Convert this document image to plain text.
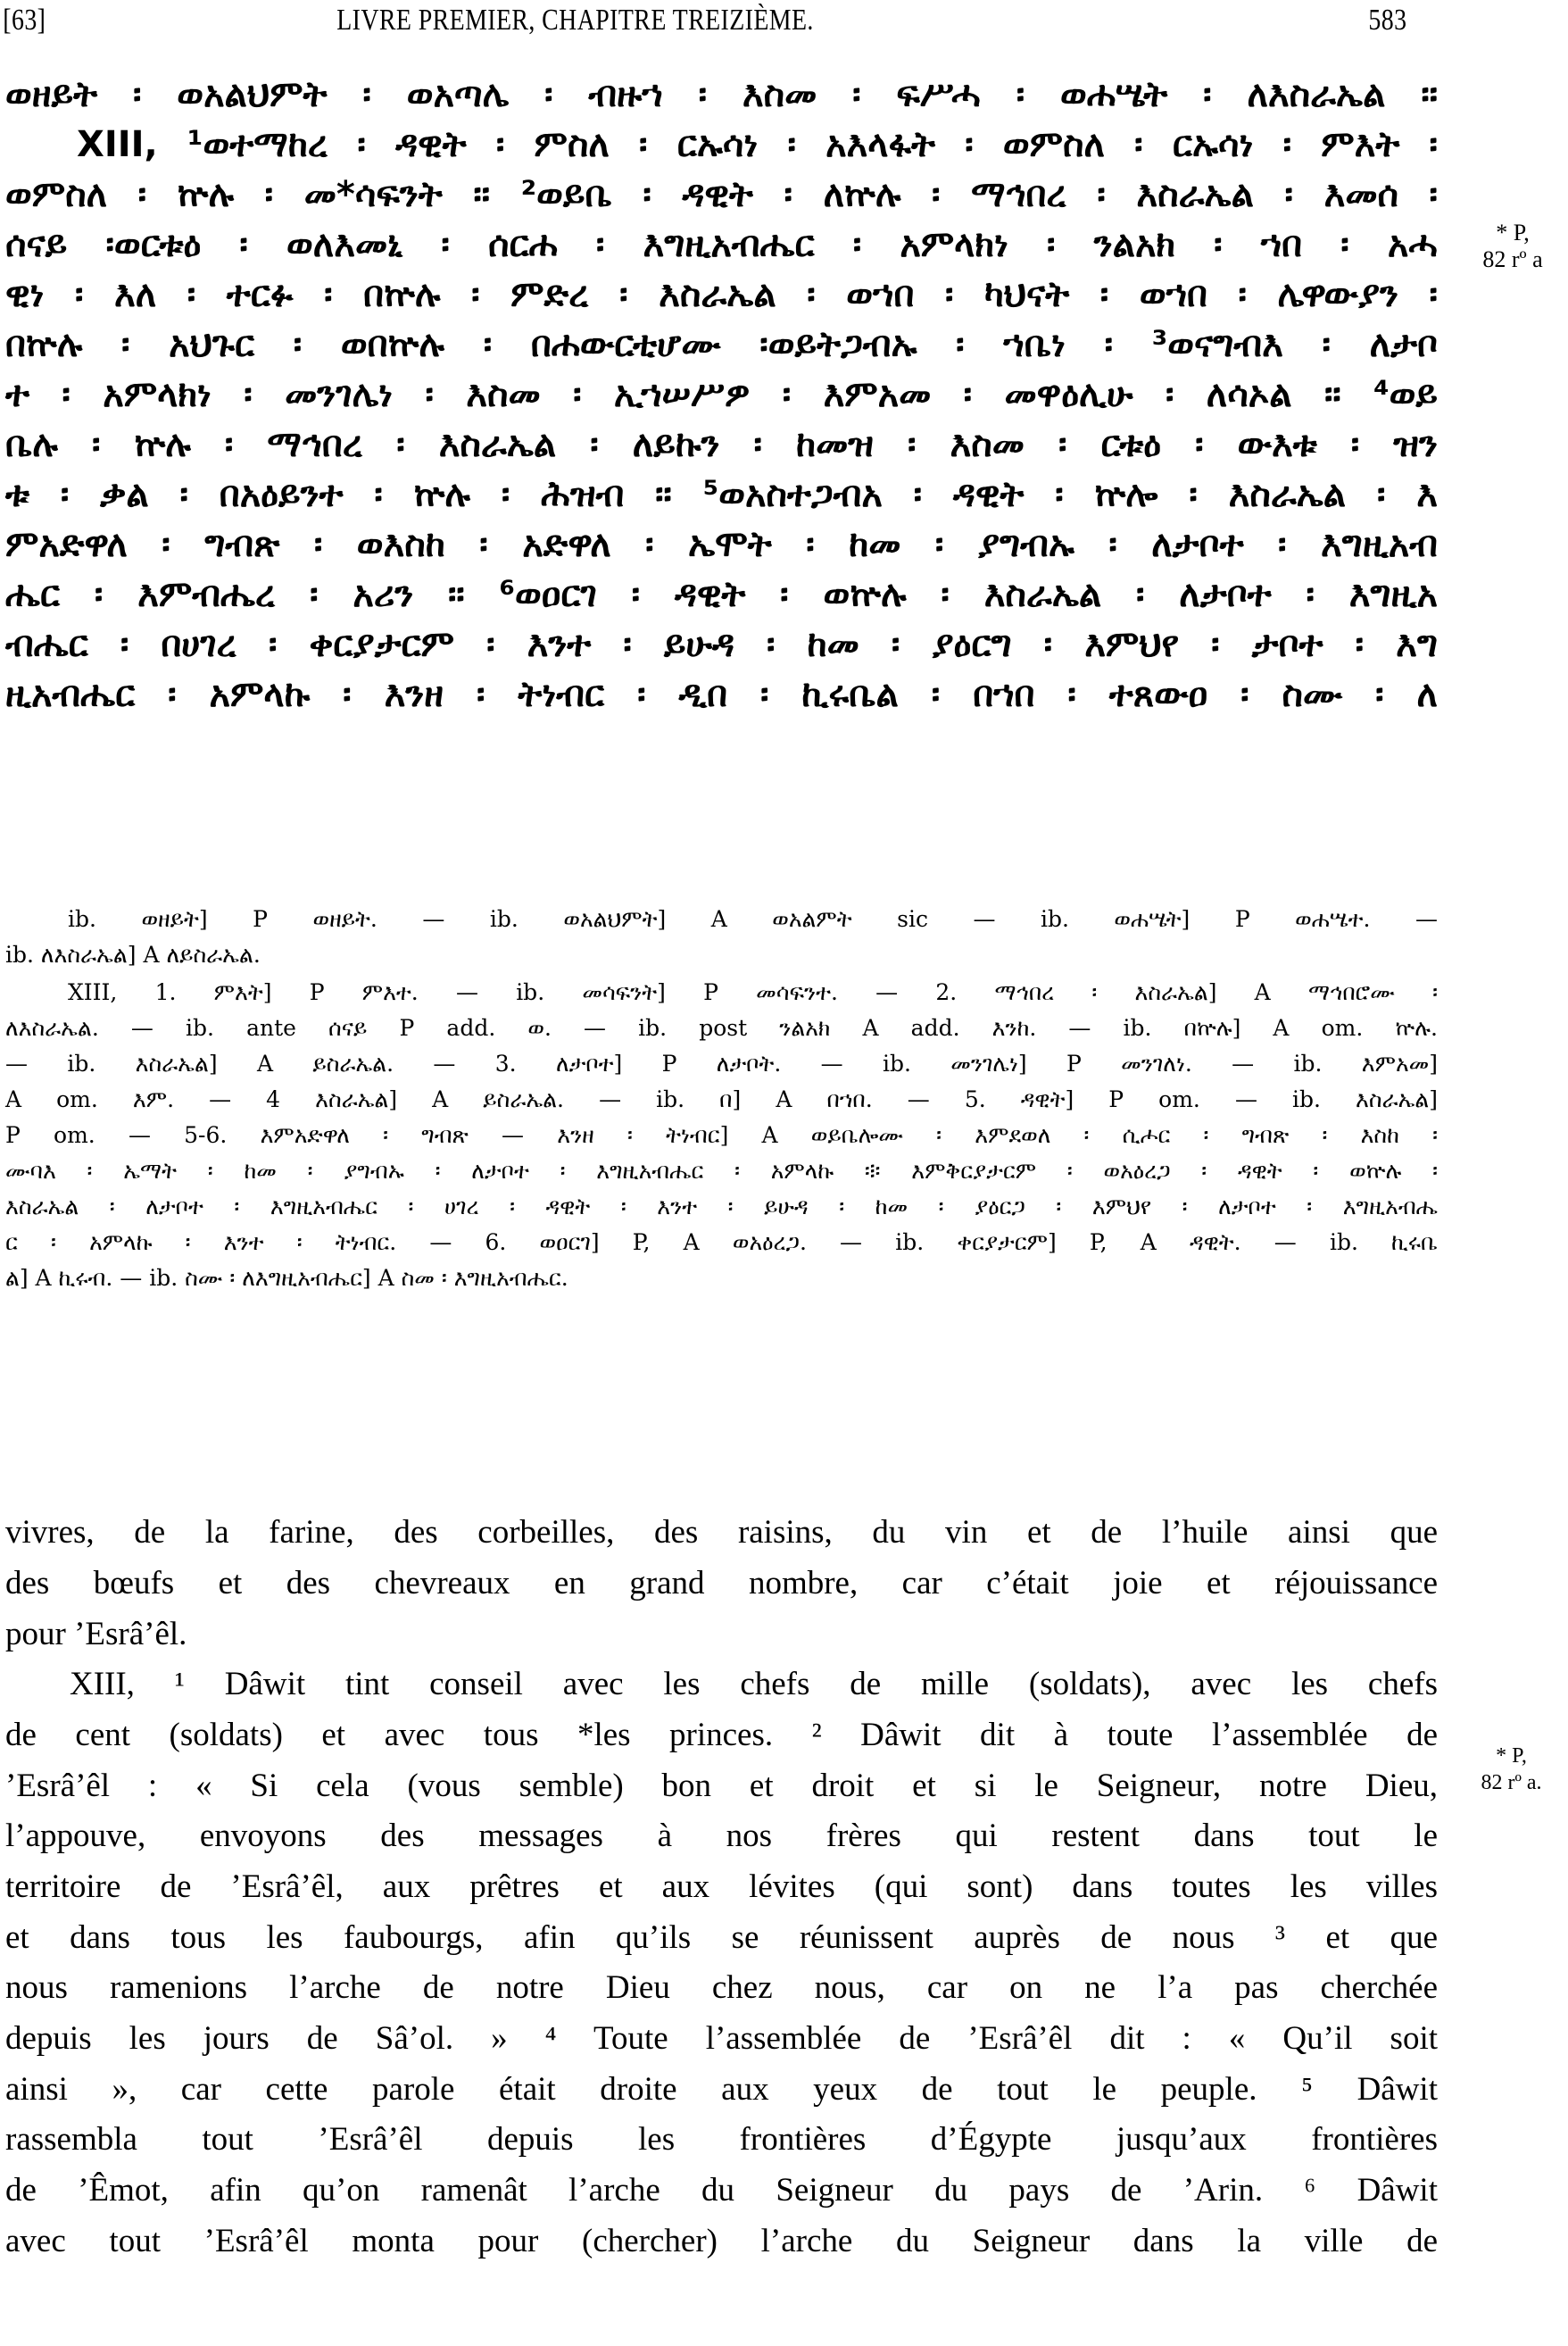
[63]	LIVRE PREMIER, CHAPITRE TREIZIÈME.	583
ወዘይት ፡ ወአልህምት ፡ ወአጣሌ ፡ ብዙኀ ፡ እስመ ፡ ፍሥሓ ፡ ወሐሤት ፡ ለእስራኤል ።
XIII, ¹ወተማከረ ፡ ዳዊት ፡ ምስለ ፡ ርኡሳነ ፡ አእላፋት ፡ ወምስለ ፡ ርኡሳነ ፡ ምእት ፡
ወምስለ ፡ ኵሉ ፡ መ*ሳፍንት ። ²ወይቤ ፡ ዳዊት ፡ ለኵሉ ፡ ማኅበረ ፡ እስራኤል ፡ እመሰ ፡
ሰናይ ፡ወርቱዕ ፡ ወለእመኒ ፡ ሰርሐ ፡ እግዚአብሔር ፡ አምላክነ ፡ ንልአክ ፡ ኀበ ፡ አሓ
ዊነ ፡ እለ ፡ ተርፉ ፡ በኵሉ ፡ ምድረ ፡ እስራኤል ፡ ወኀበ ፡ ካህናት ፡ ወኀበ ፡ ሌዋውያን ፡
በኵሉ ፡ አህጉር ፡ ወበኵሉ ፡ በሐውርቲሆሙ ፡ወይትጋብኡ ፡ ኀቤነ ፡ ³ወናግብእ ፡ ለታቦ
ተ ፡ አምላክነ ፡ መንገሌነ ፡ እስመ ፡ ኢኀሠሥዎ ፡ እምአመ ፡ መዋዕሊሁ ፡ ለሳኦል ። ⁴ወይ
ቤሉ ፡ ኵሉ ፡ ማኅበረ ፡ እስራኤል ፡ ለይኩን ፡ ከመዝ ፡ እስመ ፡ ርቱዕ ፡ ውእቱ ፡ ዝን
ቱ ፡ ቃል ፡ በአዕይንተ ፡ ኵሉ ፡ ሕዝብ ። ⁵ወአስተጋብአ ፡ ዳዊት ፡ ኵሎ ፡ እስራኤል ፡ እ
ምአድዋለ ፡ ግብጽ ፡ ወእስከ ፡ አድዋለ ፡ ኤሞት ፡ ከመ ፡ ያግብኡ ፡ ለታቦተ ፡ እግዚአብ
ሔር ፡ እምብሔረ ፡ አሪን ። ⁶ወዐርገ ፡ ዳዊት ፡ ወኵሉ ፡ እስራኤል ፡ ለታቦተ ፡ እግዚአ
ብሔር ፡ በሀገረ ፡ ቀርያታርም ፡ እንተ ፡ ይሁዳ ፡ ከመ ፡ ያዕርግ ፡ እምህየ ፡ ታቦተ ፡ እግ
ዚአብሔር ፡ አምላኩ ፡ እንዘ ፡ ትነብር ፡ ዲበ ፡ ኪሩቤል ፡ በኀበ ፡ ተጸውዐ ፡ ስሙ ፡ ለ
* P,
82 rº a
ib. ወዘይት] P ወዘይት. — ib. ወአልህምት] A ወአልምት sic — ib. ወሐሤት] P ወሐሤተ. —
ib. ለእስራኤል] A ለይስራኤል.
XIII, 1. ምእት] P ምእተ. — ib. መሳፍንት] P መሳፍንተ. — 2. ማኅበረ ፡ እስራኤል] A ማኅበሮሙ ፡
ለእስራኤል. — ib. ante ሰናይ P add. ወ. — ib. post ንልአክ A add. እንከ. — ib. በኵሉ] A om. ኵሉ.
— ib. እስራኤል] A ይስራኤል. — 3. ለታቦተ] P ለታቦት. — ib. መንገሌነ] P መንገለነ. — ib. እምአመ]
A om. እም. — 4 እስራኤል] A ይስራኤል. — ib. በ] A በኀበ. — 5. ዳዊት] P om. — ib. እስራኤል]
P om. — 5-6. እምአድዋለ ፡ ግብጽ — እንዘ ፡ ትነብር] A ወይቤሎሙ ፡ እምደወለ ፡ ሲሖር ፡ ግብጽ ፡ እስከ ፡
ሙባእ ፡ ኤማት ፡ ከመ ፡ ያግብኡ ፡ ለታቦተ ፡ እግዚአብሔር ፡ አምላኩ ፨ እምቅርያታርም ፡ ወአዕረጋ ፡ ዳዊት ፡ ወኵሉ ፡
እስራኤል ፡ ለታቦተ ፡ እግዚአብሔር ፡ ሀገረ ፡ ዳዊት ፡ እንተ ፡ ይሁዳ ፡ ከመ ፡ ያዕርጋ ፡ እምህየ ፡ ለታቦተ ፡ እግዚአብሔ
ር ፡ አምላኩ ፡ እንተ ፡ ትነብር. — 6. ወዐርገ] P, A ወአዕረጋ. — ib. ቀርያታርም] P, A ዳዊት. — ib. ኪሩቤ
ል] A ኪሩብ. — ib. ስሙ ፡ ለእግዚአብሔር] A ስመ ፡ እግዚአብሔር.
vivres, de la farine, des corbeilles, des raisins, du vin et de l’huile ainsi que
des bœufs et des chevreaux en grand nombre, car c’était joie et réjouissance
pour ’Esrâ’êl.
XIII, ¹ Dâwit tint conseil avec les chefs de mille (soldats), avec les chefs
de cent (soldats) et avec tous *les princes. ² Dâwit dit à toute l’assemblée de
’Esrâ’êl : « Si cela (vous semble) bon et droit et si le Seigneur, notre Dieu,
l’appouve, envoyons des messages à nos frères qui restent dans tout le
territoire de ’Esrâ’êl, aux prêtres et aux lévites (qui sont) dans toutes les villes
et dans tous les faubourgs, afin qu’ils se réunissent auprès de nous ³ et que
nous ramenions l’arche de notre Dieu chez nous, car on ne l’a pas cherchée
depuis les jours de Sâ’ol. » ⁴ Toute l’assemblée de ’Esrâ’êl dit : « Qu’il soit
ainsi », car cette parole était droite aux yeux de tout le peuple. ⁵ Dâwit
rassembla tout ’Esrâ’êl depuis les frontières d’Égypte jusqu’aux frontières
de ’Êmot, afin qu’on ramenât l’arche du Seigneur du pays de ’Arin. ⁶ Dâwit
avec tout ’Esrâ’êl monta pour (chercher) l’arche du Seigneur dans la ville de
* P,
82 rº a.
